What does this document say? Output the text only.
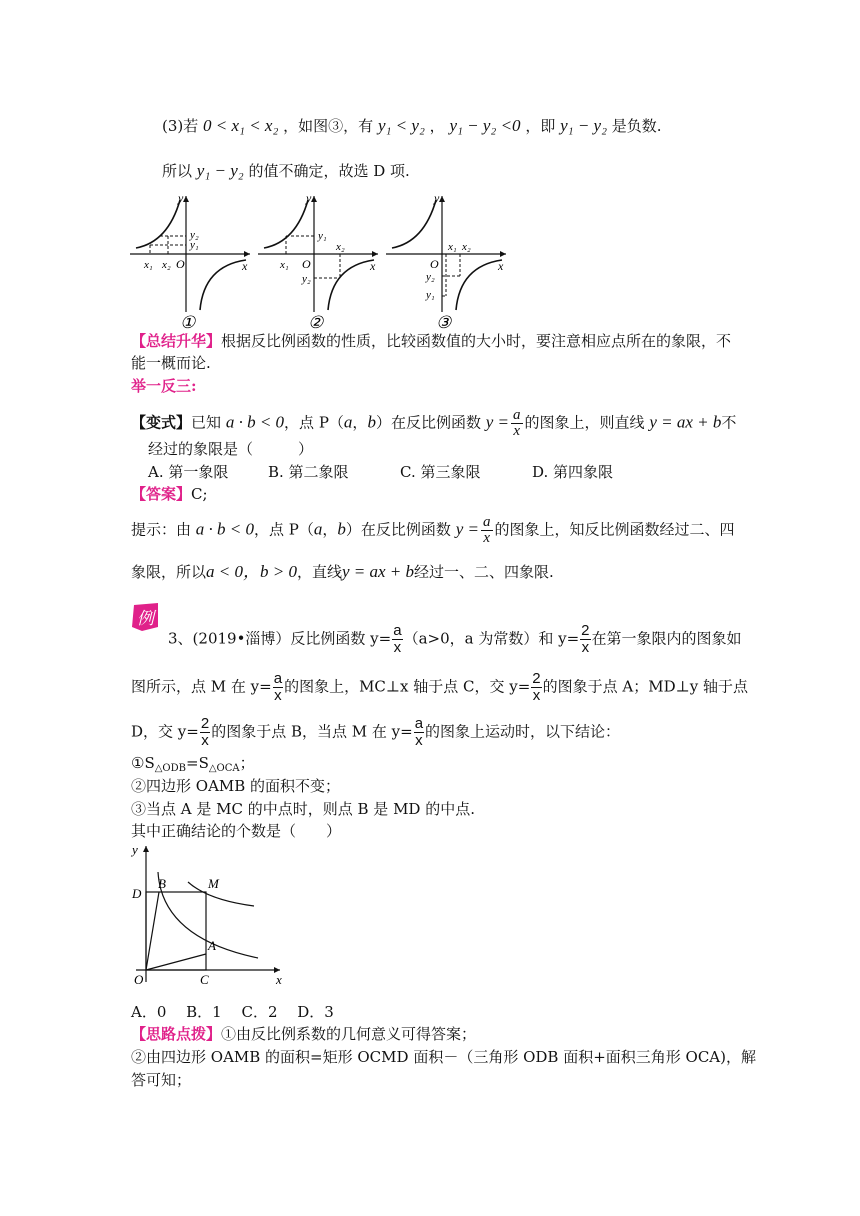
(3)若 0 < x₁ < x₂ ，如图③，有 y₁ < y₂ ， y₁ − y₂ <0 ，即 y₁ − y₂ 是负数.
所以 y₁ − y₂ 的值不确定，故选 D 项.
y
x
O
y₂
y₁
x₁ x₂
y
x
O
y₁
x₂
x₁
y₂
y
x
O
x₁ x₂
y₂
y₁
①	②	③
【总结升华】根据反比例函数的性质，比较函数值的大小时，要注意相应点所在的象限，不
能一概而论.
举一反三:
【变式】已知 a · b < 0，点 P（a，b）在反比例函数 $y = \frac{a}{x}$ 的图象上，则直线 y = ax + b不
经过的象限是（　　　）
A. 第一象限	B. 第二象限	C. 第三象限	D. 第四象限
【答案】C;
提示：由 a · b < 0，点 P（a，b）在反比例函数 $y = \frac{a}{x}$ 的图象上，知反比例函数经过二、四
象限，所以a < 0，b > 0，直线y = ax + b经过一、二、四象限.
例
3、(2019•淄博）反比例函数 $y= \frac{a}{x} (a>0$，a 为常数）和 $y= \frac{2}{x}$ 在第一象限内的图象如
图所示，点 M 在 $y= \frac{a}{x}$ 的图象上，MC⊥x 轴于点 C，交 $y= \frac{2}{x}$ 的图象于点 A；MD⊥y 轴于点
D，交 $y= \frac{2}{x}$ 的图象于点 B，当点 M 在 $y= \frac{a}{x}$ 的图象上运动时，以下结论：
$①S_{\triangle ODB}=S_{\triangle OCA}$；
②四边形 OAMB 的面积不变；
③当点 A 是 MC 的中点时，则点 B 是 MD 的中点.
其中正确结论的个数是（　　）
y
x
O
D
B	M
A
C
A．0　 B．1　 C．2　 D．3
【思路点拨】①由反比例系数的几何意义可得答案；
②由四边形 OAMB 的面积=矩形 OCMD 面积－（三角形 ODB 面积+面积三角形 OCA)，解
答可知；
